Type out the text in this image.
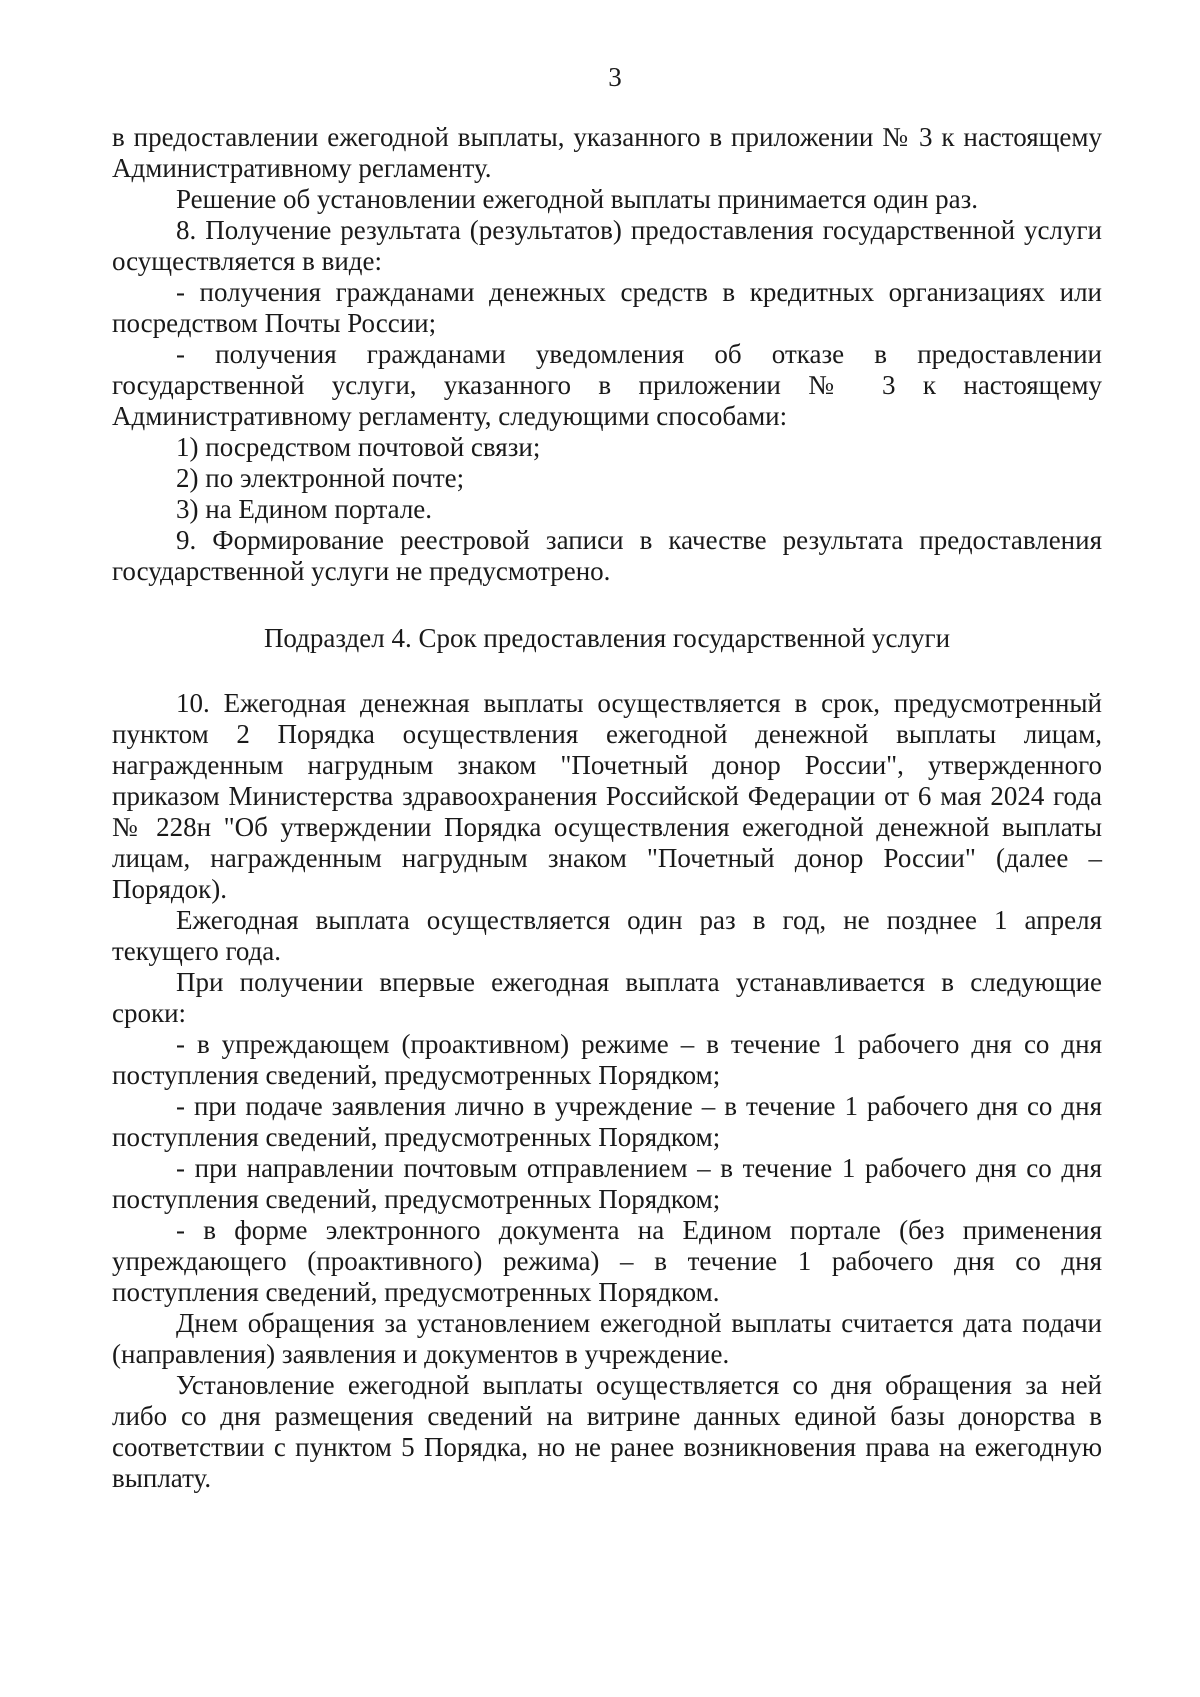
3

в предоставлении ежегодной выплаты, указанного в приложении № 3 к настоящему Административному регламенту.

Решение об установлении ежегодной выплаты принимается один раз.

8. Получение результата (результатов) предоставления государственной услуги осуществляется в виде:

- получения гражданами денежных средств в кредитных организациях или посредством Почты России;

- получения гражданами уведомления об отказе в предоставлении государственной услуги, указанного в приложении № 3 к настоящему Административному регламенту, следующими способами:

1) посредством почтовой связи;

2) по электронной почте;

3) на Едином портале.

9. Формирование реестровой записи в качестве результата предоставления государственной услуги не предусмотрено.

Подраздел 4. Срок предоставления государственной услуги

10. Ежегодная денежная выплаты осуществляется в срок, предусмотренный пунктом 2 Порядка осуществления ежегодной денежной выплаты лицам, награжденным нагрудным знаком "Почетный донор России", утвержденного приказом Министерства здравоохранения Российской Федерации от 6 мая 2024 года № 228н "Об утверждении Порядка осуществления ежегодной денежной выплаты лицам, награжденным нагрудным знаком "Почетный донор России" (далее – Порядок).

Ежегодная выплата осуществляется один раз в год, не позднее 1 апреля текущего года.

При получении впервые ежегодная выплата устанавливается в следующие сроки:

- в упреждающем (проактивном) режиме – в течение 1 рабочего дня со дня поступления сведений, предусмотренных Порядком;

- при подаче заявления лично в учреждение – в течение 1 рабочего дня со дня поступления сведений, предусмотренных Порядком;

- при направлении почтовым отправлением – в течение 1 рабочего дня со дня поступления сведений, предусмотренных Порядком;

- в форме электронного документа на Едином портале (без применения упреждающего (проактивного) режима) – в течение 1 рабочего дня со дня поступления сведений, предусмотренных Порядком.

Днем обращения за установлением ежегодной выплаты считается дата подачи (направления) заявления и документов в учреждение.

Установление ежегодной выплаты осуществляется со дня обращения за ней либо со дня размещения сведений на витрине данных единой базы донорства в соответствии с пунктом 5 Порядка, но не ранее возникновения права на ежегодную выплату.
